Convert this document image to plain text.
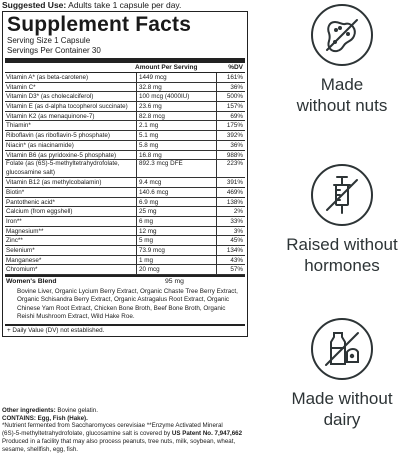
Suggested Use: Adults take 1 capsule per day.
Supplement Facts
Serving Size 1 Capsule
Servings Per Container 30
Amount Per Serving	%DV
Vitamin A* (as beta-carotene)	1449 mcg	161%
Vitamin C*	32.8 mg	36%
Vitamin D3* (as cholecalciferol)	100 mcg (4000IU)	500%
Vitamin E (as d-alpha tocopherol succinate)	23.6 mg	157%
Vitamin K2 (as menaquinone-7)	82.8 mcg	69%
Thiamin*	2.1 mg	175%
Riboflavin (as riboflavin-5 phosphate)	5.1 mg	392%
Niacin* (as niacinamide)	5.8 mg	36%
Vitamin B6 (as pyridoxine-5 phosphate)	16.8 mg	988%
Folate (as (6S)-5-methyltetrahydrofolate, glucosamine salt)
892.3 mcg DFE	223%
Vitamin B12 (as methylcobalamin)	9.4 mcg	391%
Biotin*	140.6 mcg	469%
Pantothenic acid*	6.9 mg	138%
Calcium (from eggshell)	25 mg	2%
Iron**	6 mg	33%
Magnesium**	12 mg	3%
Zinc**	5 mg	45%
Selenium*	73.9 mcg	134%
Manganese*	1 mg	43%
Chromium*	20 mcg	57%
Women's Blend	95 mg
Bovine Liver, Organic Lycium Berry Extract, Organic Chaste Tree Berry Extract, Organic Schisandra Berry Extract, Organic Astragalus Root Extract, Organic Chinese Yam Root Extract, Chicken Bone Broth, Beef Bone Broth, Organic Reishi Mushroom Extract, Wild Hake Roe.
+ Daily Value (DV) not established.
Other ingredients: Bovine gelatin.
CONTAINS: Egg, Fish (Hake).
*Nutrient fermented from Saccharomyces cerevisiae **Enzyme Activated Mineral
(6S)-5-methyltetrahydrofolate, glucosamine salt is covered by US Patent No. 7,947,662
Produced in a facility that may also process peanuts, tree nuts, milk, soybean, wheat, sesame, shellfish, egg, fish.
Made
without nuts
Raised without
hormones
Made without
dairy
